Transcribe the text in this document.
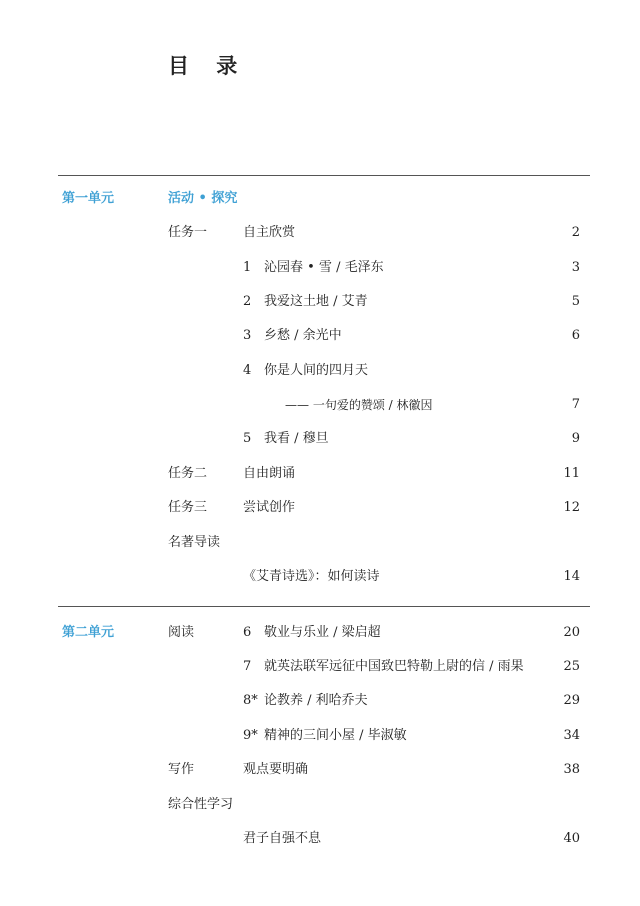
目 录
第一单元	活动 • 探究
任务一	自主欣赏	2
1 沁园春 • 雪 / 毛泽东	3
2 我爱这土地 / 艾青	5
3 乡愁 / 余光中	6
4 你是人间的四月天
—— 一句爱的赞颂 / 林徽因	7
5 我看 / 穆旦	9
任务二	自由朗诵	11
任务三	尝试创作	12
名著导读
《艾青诗选》：如何读诗	14
第二单元	阅读	6 敬业与乐业 / 梁启超	20
7 就英法联军远征中国致巴特勒上尉的信 / 雨果	25
8* 论教养 / 利哈乔夫	29
9* 精神的三间小屋 / 毕淑敏	34
写作	观点要明确	38
综合性学习
君子自强不息	40
